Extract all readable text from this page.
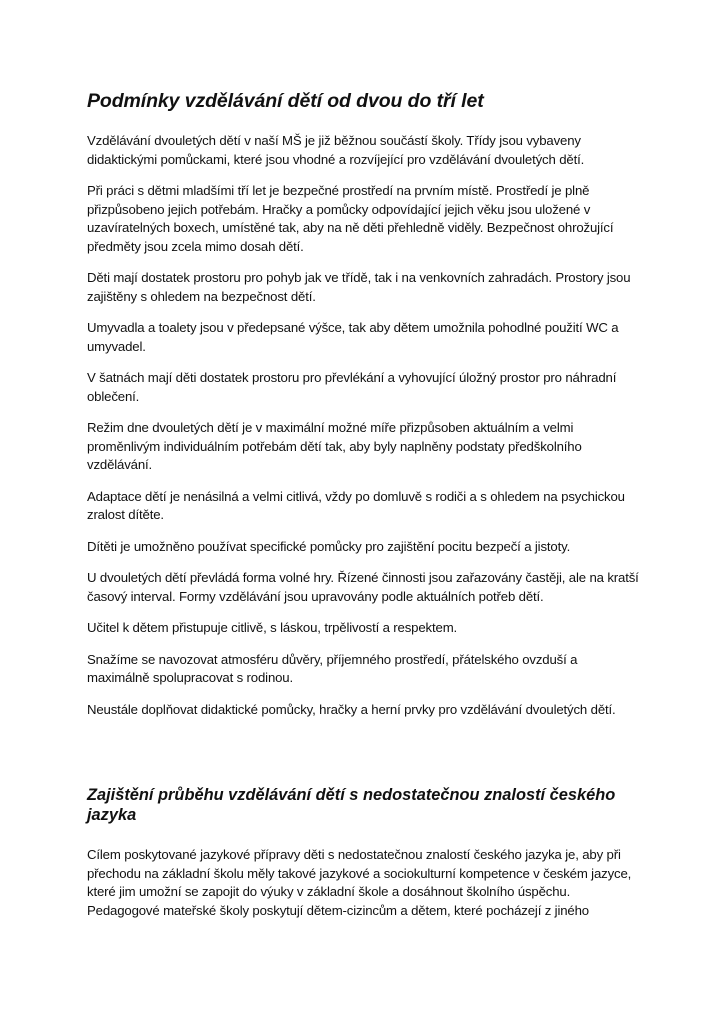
Podmínky vzdělávání dětí od dvou do tří let

Vzdělávání dvouletých dětí v naší MŠ je již běžnou součástí školy. Třídy jsou vybaveny didaktickými pomůckami, které jsou vhodné a rozvíjející pro vzdělávání dvouletých dětí.

Při práci s dětmi mladšími tří let je bezpečné prostředí na prvním místě. Prostředí je plně přizpůsobeno jejich potřebám. Hračky a pomůcky odpovídající jejich věku jsou uložené v uzavíratelných boxech, umístěné tak, aby na ně děti přehledně viděly. Bezpečnost ohrožující předměty jsou zcela mimo dosah dětí.

Děti mají dostatek prostoru pro pohyb jak ve třídě, tak i na venkovních zahradách. Prostory jsou zajištěny s ohledem na bezpečnost dětí.

Umyvadla a toalety jsou v předepsané výšce, tak aby dětem umožnila pohodlné použití WC a umyvadel.

V šatnách mají děti dostatek prostoru pro převlékání a vyhovující úložný prostor pro náhradní oblečení.

Režim dne dvouletých dětí je v maximální možné míře přizpůsoben aktuálním a velmi proměnlivým individuálním potřebám dětí tak, aby byly naplněny podstaty předškolního vzdělávání.

Adaptace dětí je nenásilná a velmi citlivá, vždy po domluvě s rodiči a s ohledem na psychickou zralost dítěte.

Dítěti je umožněno používat specifické pomůcky pro zajištění pocitu bezpečí a jistoty.

U dvouletých dětí převládá forma volné hry. Řízené činnosti jsou zařazovány častěji, ale na kratší časový interval. Formy vzdělávání jsou upravovány podle aktuálních potřeb dětí.

Učitel k dětem přistupuje citlivě, s láskou, trpělivostí a respektem.

Snažíme se navozovat atmosféru důvěry, příjemného prostředí, přátelského ovzduší a maximálně spolupracovat s rodinou.

Neustále doplňovat didaktické pomůcky, hračky a herní prvky pro vzdělávání dvouletých dětí.

Zajištění průběhu vzdělávání dětí s nedostatečnou znalostí českého jazyka

Cílem poskytované jazykové přípravy děti s nedostatečnou znalostí českého jazyka je, aby při přechodu na základní školu měly takové jazykové a sociokulturní kompetence v českém jazyce, které jim umožní se zapojit do výuky v základní škole a dosáhnout školního úspěchu. Pedagogové mateřské školy poskytují dětem-cizincům a dětem, které pocházejí z jiného
